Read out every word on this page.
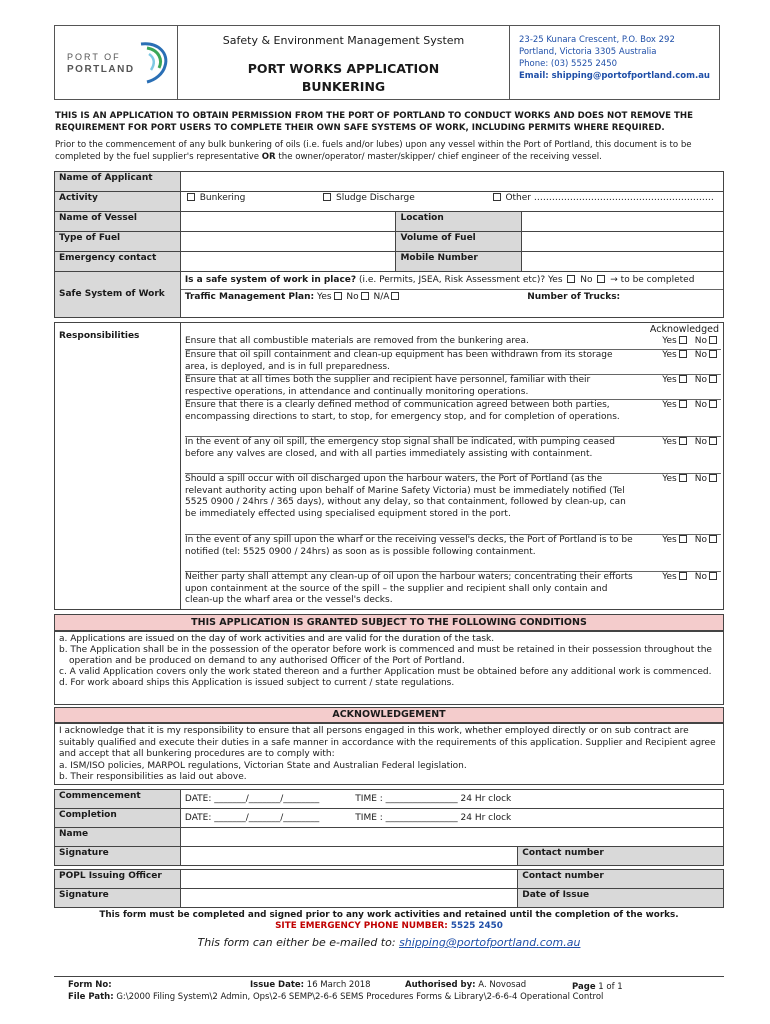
PORT OF
PORTLAND
Safety & Environment Management System
PORT WORKS APPLICATION
BUNKERING
23-25 Kunara Crescent, P.O. Box 292
Portland, Victoria 3305 Australia
Phone: (03) 5525 2450
Email: shipping@portofportland.com.au
THIS IS AN APPLICATION TO OBTAIN PERMISSION FROM THE PORT OF PORTLAND TO CONDUCT WORKS AND DOES NOT REMOVE THE REQUIREMENT FOR PORT USERS TO COMPLETE THEIR OWN SAFE SYSTEMS OF WORK, INCLUDING PERMITS WHERE REQUIRED.
Prior to the commencement of any bulk bunkering of oils (i.e. fuels and/or lubes) upon any vessel within the Port of Portland, this document is to be completed by the fuel supplier's representative OR the owner/operator/ master/skipper/ chief engineer of the receiving vessel.
Name of Applicant			
Activity	Bunkering Sludge Discharge Other ……………………………………………………		
Name of Vessel		Location	
Type of Fuel		Volume of Fuel	
Emergency contact		Mobile Number	
Safe System of Work	
Is a safe system of work in place? (i.e. Permits, JSEA, Risk Assessment etc)? Yes No → to be completed
Traffic Management Plan: Yes No N/A	Number of Trucks:
Responsibilities
Acknowledged
Ensure that all combustible materials are removed from the bunkering area.	Yes No
Ensure that oil spill containment and clean-up equipment has been withdrawn from its storage area, is deployed, and is in full preparedness.
Yes No
Ensure that at all times both the supplier and recipient have personnel, familiar with their respective operations, in attendance and continually monitoring operations.
Yes No
Ensure that there is a clearly defined method of communication agreed between both parties, encompassing directions to start, to stop, for emergency stop, and for completion of operations.
Yes No
In the event of any oil spill, the emergency stop signal shall be indicated, with pumping ceased before any valves are closed, and with all parties immediately assisting with containment.
Yes No
Should a spill occur with oil discharged upon the harbour waters, the Port of Portland (as the relevant authority acting upon behalf of Marine Safety Victoria) must be immediately notified (Tel 5525 0900 / 24hrs / 365 days), without any delay, so that containment, followed by clean-up, can be immediately effected using specialised equipment stored in the port.
Yes No
In the event of any spill upon the wharf or the receiving vessel's decks, the Port of Portland is to be notified (tel: 5525 0900 / 24hrs) as soon as is possible following containment.
Yes No
Neither party shall attempt any clean-up of oil upon the harbour waters; concentrating their efforts upon containment at the source of the spill – the supplier and recipient shall only contain and clean-up the wharf area or the vessel's decks.
Yes No
THIS APPLICATION IS GRANTED SUBJECT TO THE FOLLOWING CONDITIONS
a. Applications are issued on the day of work activities and are valid for the duration of the task.
b. The Application shall be in the possession of the operator before work is commenced and must be retained in their possession throughout the operation and be produced on demand to any authorised Officer of the Port of Portland.
c. A valid Application covers only the work stated thereon and a further Application must be obtained before any additional work is commenced.
d. For work aboard ships this Application is issued subject to current / state regulations.
ACKNOWLEDGEMENT
I acknowledge that it is my responsibility to ensure that all persons engaged in this work, whether employed directly or on sub contract are suitably qualified and execute their duties in a safe manner in accordance with the requirements of this application. Supplier and Recipient agree and accept that all bunkering procedures are to comply with:
a. ISM/ISO policies, MARPOL regulations, Victorian State and Australian Federal legislation.
b. Their responsibilities as laid out above.
Commencement	DATE: _______/_______/________ TIME : ________________ 24 Hr clock	
Completion	DATE: _______/_______/________ TIME : ________________ 24 Hr clock	
Name		
Signature		Contact number
POPL Issuing Officer		Contact number
Signature		Date of Issue
This form must be completed and signed prior to any work activities and retained until the completion of the works.
SITE EMERGENCY PHONE NUMBER: 5525 2450
This form can either be e-mailed to: shipping@portofportland.com.au
Form No:	Issue Date: 16 March 2018	Authorised by: A. Novosad	Page 1 of 1
File Path: G:\2000 Filing System\2 Admin, Ops\2-6 SEMP\2-6-6 SEMS Procedures Forms & Library\2-6-6-4 Operational Control
